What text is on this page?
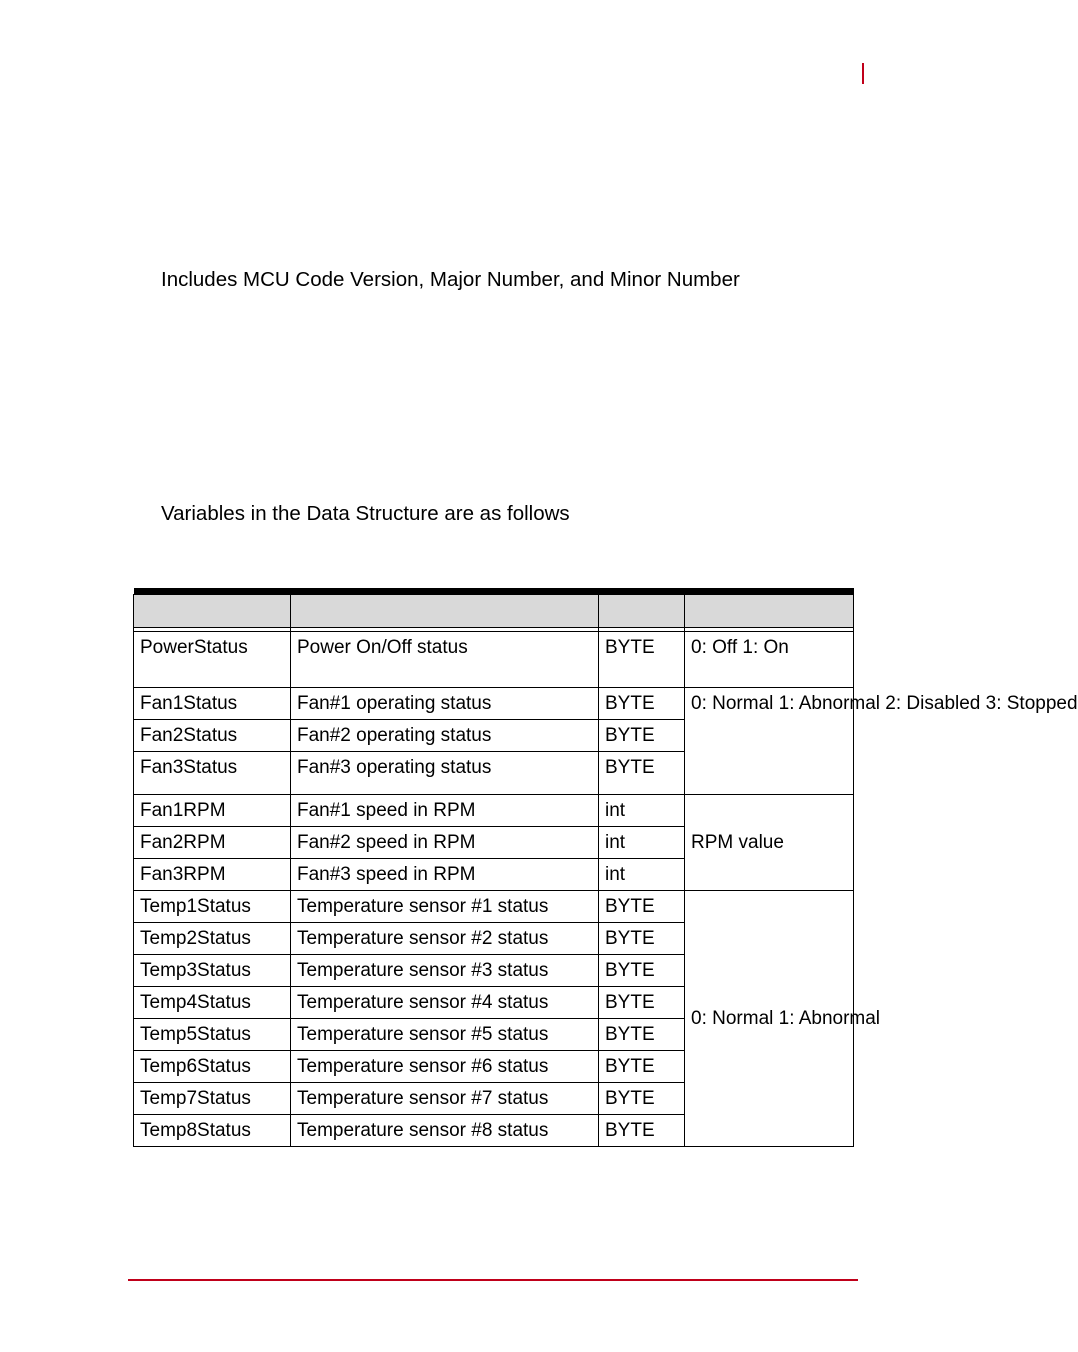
Includes MCU Code Version, Major Number, and Minor Number

Variables in the Data Structure are as follows

PowerStatus	Power On/Off status	BYTE	0: Off 1: On
Fan1Status	Fan#1 operating status	BYTE	0: Normal 1: Abnormal 2: Disabled 3: Stopped
Fan2Status	Fan#2 operating status	BYTE	
Fan3Status	Fan#3 operating status	BYTE	
Fan1RPM	Fan#1 speed in RPM	int	RPM value
Fan2RPM	Fan#2 speed in RPM	int	
Fan3RPM	Fan#3 speed in RPM	int	
Temp1Status	Temperature sensor #1 status	BYTE	0: Normal 1: Abnormal
Temp2Status	Temperature sensor #2 status	BYTE	
Temp3Status	Temperature sensor #3 status	BYTE	
Temp4Status	Temperature sensor #4 status	BYTE	
Temp5Status	Temperature sensor #5 status	BYTE	
Temp6Status	Temperature sensor #6 status	BYTE	
Temp7Status	Temperature sensor #7 status	BYTE	
Temp8Status	Temperature sensor #8 status	BYTE	
